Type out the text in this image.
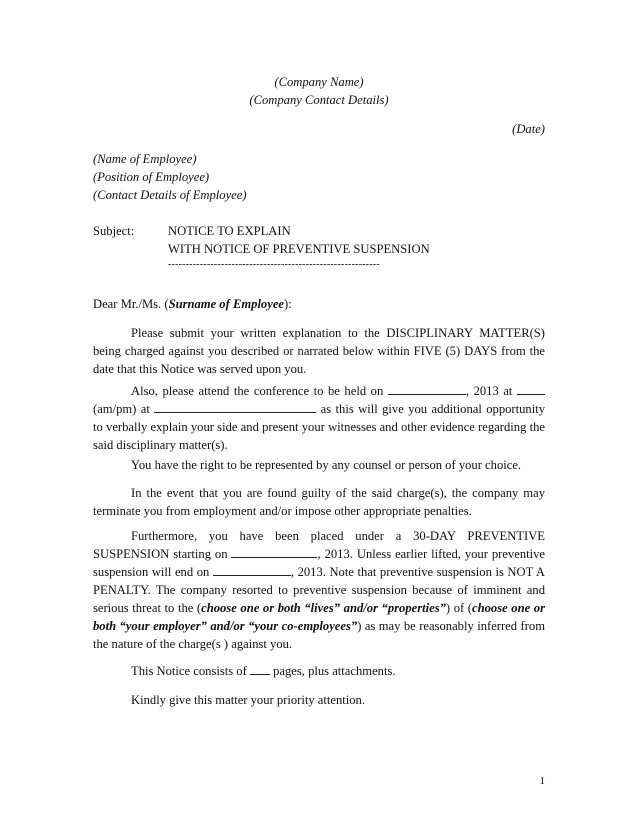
(Company Name)
(Company Contact Details)
(Date)
(Name of Employee)
(Position of Employee)
(Contact Details of Employee)
Subject:	NOTICE TO EXPLAIN
WITH NOTICE OF PREVENTIVE SUSPENSION
------------------------------------------------------------
Dear Mr./Ms. (Surname of Employee):
Please submit your written explanation to the DISCIPLINARY MATTER(S) being charged against you described or narrated below within FIVE (5) DAYS from the date that this Notice was served upon you.
Also, please attend the conference to be held on	, 2013 at  (am/pm) at	as this will give you additional opportunity to verbally explain your side and present your witnesses and other evidence regarding the said disciplinary matter(s).
You have the right to be represented by any counsel or person of your choice.
In the event that you are found guilty of the said charge(s), the company may terminate you from employment and/or impose other appropriate penalties.
Furthermore, you have been placed under a 30-DAY PREVENTIVE SUSPENSION starting on	, 2013. Unless earlier lifted, your preventive suspension will end on	, 2013. Note that preventive suspension is NOT A PENALTY. The company resorted to preventive suspension because of imminent and serious threat to the (choose one or both “lives” and/or “properties”) of (choose one or both “your employer” and/or “your co-employees”) as may be reasonably inferred from the nature of the charge(s ) against you.
This Notice consists of pages, plus attachments.
Kindly give this matter your priority attention.
1
